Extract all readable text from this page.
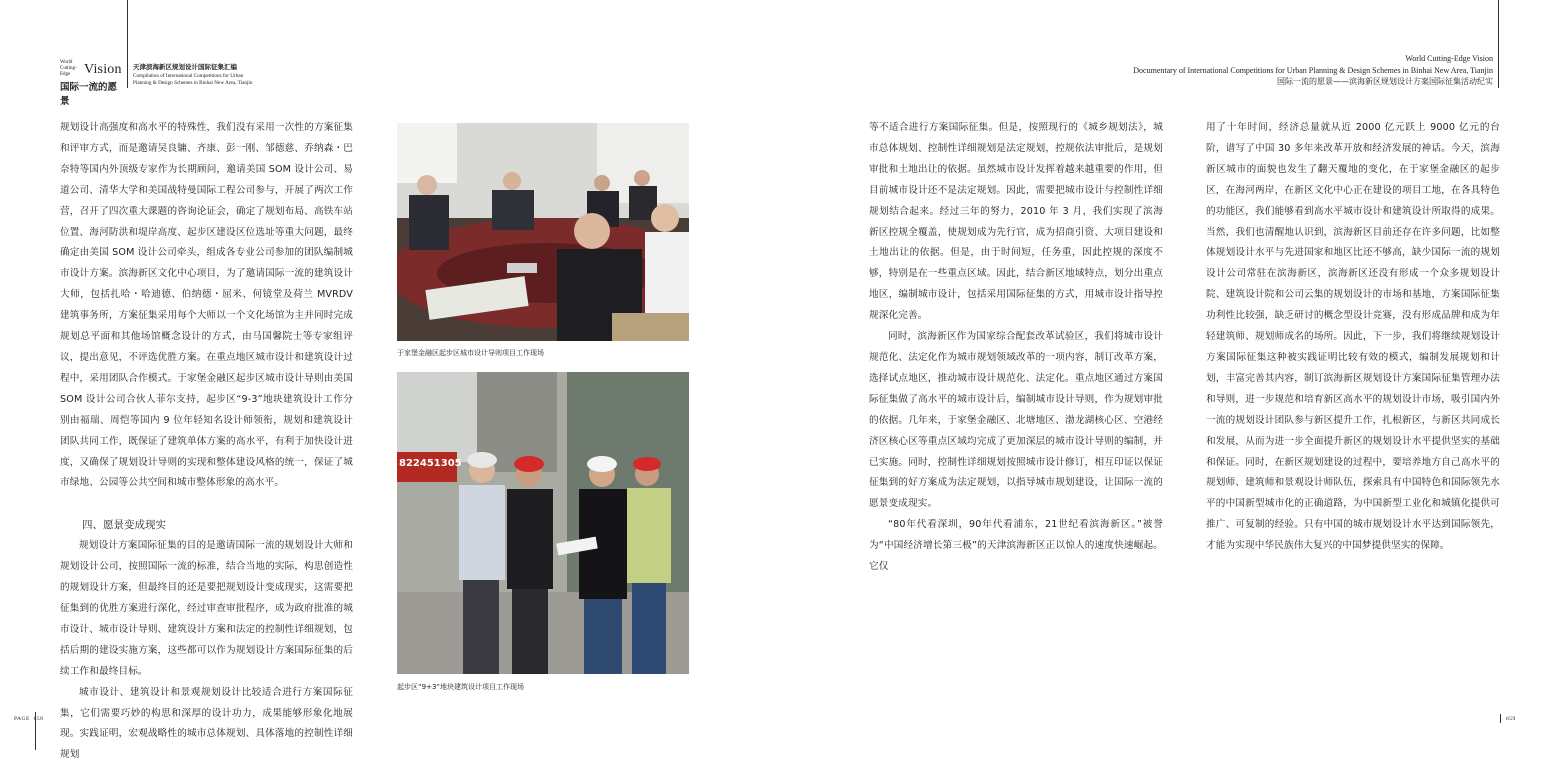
World
Cutting-Edge Vision
国际一流的愿景
天津滨海新区规划设计国际征集汇编
Compilation of International Competitions for Urban
Planning & Design Schemes in Binhai New Area, Tianjin
World Cutting-Edge Vision
Documentary of International Competitions for Urban Planning & Design Schemes in Binhai New Area, Tianjin
国际一流的愿景——滨海新区规划设计方案国际征集活动纪实

规划设计高强度和高水平的特殊性，我们没有采用一次性的方案征集和评审方式，而是邀请吴良镛、齐康、彭一刚、邹德慈、乔纳森・巴奈特等国内外顶级专家作为长期顾问，邀请美国 SOM 设计公司、易道公司、清华大学和美国战特曼国际工程公司参与，开展了两次工作营，召开了四次重大课题的咨询论证会，确定了规划布局、高铁车站位置、海河防洪和堤岸高度、起步区建设区位选址等重大问题，最终确定由美国 SOM 设计公司牵头，组成各专业公司参加的团队编制城市设计方案。滨海新区文化中心项目，为了邀请国际一流的建筑设计大师，包括扎哈・哈迪德、伯纳德・屈米、何镜堂及荷兰 MVRDV 建筑事务所，方案征集采用每个大师以一个文化场馆为主并同时完成规划总平面和其他场馆概念设计的方式，由马国馨院士等专家组评议，提出意见，不评选优胜方案。在重点地区城市设计和建筑设计过程中，采用团队合作模式。于家堡金融区起步区城市设计导则由美国 SOM 设计公司合伙人菲尔支持，起步区“9-3”地块建筑设计工作分别由福瑞、周恺等国内 9 位年轻知名设计师领衔，规划和建筑设计团队共同工作，既保证了建筑单体方案的高水平，有利于加快设计进度，又确保了规划设计导则的实现和整体建设风格的统一，保证了城市绿地、公园等公共空间和城市整体形象的高水平。

四、愿景变成现实

规划设计方案国际征集的目的是邀请国际一流的规划设计大师和规划设计公司，按照国际一流的标准，结合当地的实际，构思创造性的规划设计方案，但最终目的还是要把规划设计变成现实，这需要把征集到的优胜方案进行深化，经过审查审批程序，成为政府批准的城市设计、城市设计导则、建筑设计方案和法定的控制性详细规划，包括后期的建设实施方案，这些都可以作为规划设计方案国际征集的后续工作和最终目标。

城市设计、建筑设计和景观规划设计比较适合进行方案国际征集，它们需要巧妙的构思和深厚的设计功力，成果能够形象化地展现。实践证明，宏观战略性的城市总体规划、具体落地的控制性详细规划

于家堡金融区起步区城市设计导则项目工作现场
822451305
起步区“9+3”地块建筑设计项目工作现场

等不适合进行方案国际征集。但是，按照现行的《城乡规划法》，城市总体规划、控制性详细规划是法定规划，控规依法审批后，是规划审批和土地出让的依据。虽然城市设计发挥着越来越重要的作用，但目前城市设计还不是法定规划。因此，需要把城市设计与控制性详细规划结合起来。经过三年的努力，2010 年 3 月，我们实现了滨海新区控规全覆盖，使规划成为先行官，成为招商引资、大项目建设和土地出让的依据。但是，由于时间短，任务重，因此控规的深度不够，特别是在一些重点区域。因此，结合新区地域特点，划分出重点地区，编制城市设计，包括采用国际征集的方式，用城市设计指导控规深化完善。

同时，滨海新区作为国家综合配套改革试验区，我们将城市设计规范化、法定化作为城市规划领域改革的一项内容，制订改革方案，选择试点地区，推动城市设计规范化、法定化。重点地区通过方案国际征集做了高水平的城市设计后，编制城市设计导则，作为规划审批的依据。几年来，于家堡金融区、北塘地区、渤龙湖核心区、空港经济区核心区等重点区域均完成了更加深层的城市设计导则的编制，并已实施。同时，控制性详细规划按照城市设计修订，相互印证以保证征集到的好方案成为法定规划，以指导城市规划建设，让国际一流的愿景变成现实。

“80年代看深圳，90年代看浦东，21世纪看滨海新区。”被誉为“中国经济增长第三极”的天津滨海新区正以惊人的速度快速崛起。它仅

用了十年时间，经济总量就从近 2000 亿元跃上 9000 亿元的台阶，谱写了中国 30 多年来改革开放和经济发展的神话。今天，滨海新区城市的面貌也发生了翻天覆地的变化，在于家堡金融区的起步区，在海河两岸，在新区文化中心正在建设的项目工地，在各具特色的功能区，我们能够看到高水平城市设计和建筑设计所取得的成果。当然，我们也清醒地认识到，滨海新区目前还存在许多问题，比如整体规划设计水平与先进国家和地区比还不够高，缺少国际一流的规划设计公司常驻在滨海新区，滨海新区还没有形成一个众多规划设计院、建筑设计院和公司云集的规划设计的市场和基地，方案国际征集功利性比较强，缺乏研讨的概念型设计竞赛，没有形成品牌和成为年轻建筑师、规划师成名的场所。因此，下一步，我们将继续规划设计方案国际征集这种被实践证明比较有效的模式，编制发展规划和计划，丰富完善其内容，制订滨海新区规划设计方案国际征集管理办法和导则，进一步规范和培育新区高水平的规划设计市场，吸引国内外一流的规划设计团队参与新区提升工作，扎根新区，与新区共同成长和发展，从而为进一步全面提升新区的规划设计水平提供坚实的基础和保证。同时，在新区规划建设的过程中，要培养地方自己高水平的规划师、建筑师和景观设计师队伍，探索具有中国特色和国际领先水平的中国新型城市化的正确道路，为中国新型工业化和城镇化提供可推广、可复制的经验。只有中国的城市规划设计水平达到国际领先，才能为实现中华民族伟大复兴的中国梦提供坚实的保障。

PAGE  658	659
